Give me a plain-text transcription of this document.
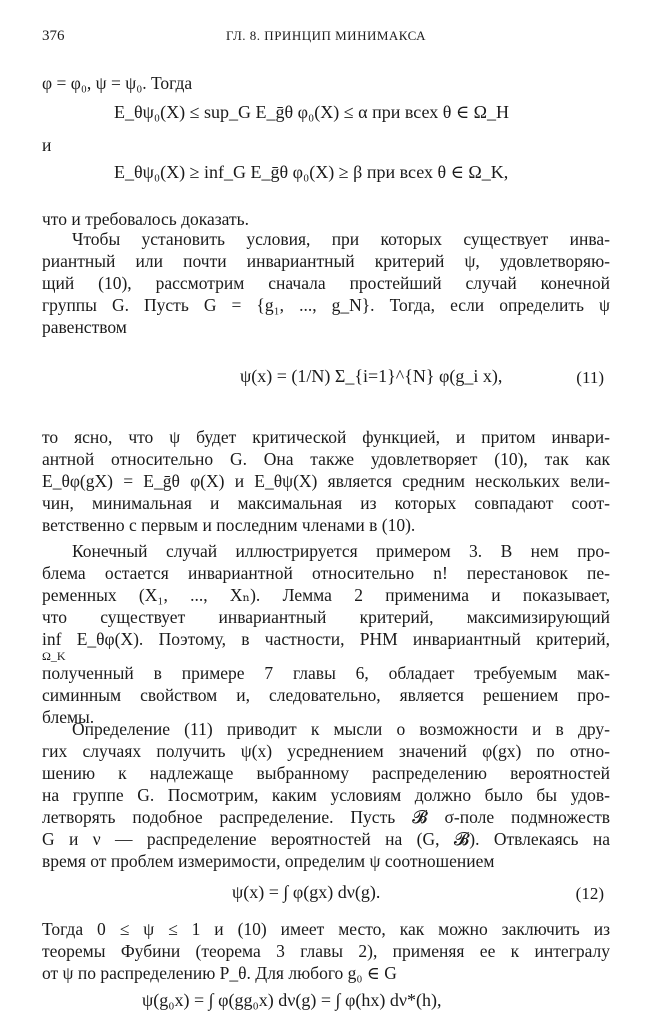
376	ГЛ. 8. ПРИНЦИП МИНИМАКСА
φ = φ₀, ψ = ψ₀. Тогда
E_θψ₀(X) ≤ sup_G E_ḡθ φ₀(X) ≤ α при всех θ ∈ Ω_H
и
E_θψ₀(X) ≥ inf_G E_ḡθ φ₀(X) ≥ β при всех θ ∈ Ω_K,
что и требовалось доказать.
Чтобы установить условия, при которых существует инва-
риантный или почти инвариантный критерий ψ, удовлетворяю-
щий (10), рассмотрим сначала простейший случай конечной
группы G. Пусть G = {g₁, ..., g_N}. Тогда, если определить ψ
равенством
ψ(x) = (1/N) Σ_{i=1}^{N} φ(g_i x),	(11)
то ясно, что ψ будет критической функцией, и притом инвари-
антной относительно G. Она также удовлетворяет (10), так как
E_θφ(gX) = E_ḡθ φ(X) и E_θψ(X) является средним нескольких вели-
чин, минимальная и максимальная из которых совпадают соот-
ветственно с первым и последним членами в (10).
Конечный случай иллюстрируется примером 3. В нем про-
блема остается инвариантной относительно n! перестановок пе-
ременных (X₁, ..., Xₙ). Лемма 2 применима и показывает,
что существует инвариантный критерий, максимизирующий
inf E_θφ(X). Поэтому, в частности, РНМ инвариантный критерий,
Ω_K
полученный в примере 7 главы 6, обладает требуемым мак-
симинным свойством и, следовательно, является решением про-
блемы.
Определение (11) приводит к мысли о возможности и в дру-
гих случаях получить ψ(x) усреднением значений φ(gx) по отно-
шению к надлежаще выбранному распределению вероятностей
на группе G. Посмотрим, каким условиям должно было бы удов-
летворять подобное распределение. Пусть 𝓑 σ-поле подмножеств
G и ν — распределение вероятностей на (G, 𝓑). Отвлекаясь на
время от проблем измеримости, определим ψ соотношением
ψ(x) = ∫ φ(gx) dν(g).	(12)
Тогда 0 ≤ ψ ≤ 1 и (10) имеет место, как можно заключить из
теоремы Фубини (теорема 3 главы 2), применяя ее к интегралу
от ψ по распределению P_θ. Для любого g₀ ∈ G
ψ(g₀x) = ∫ φ(gg₀x) dν(g) = ∫ φ(hx) dν*(h),
